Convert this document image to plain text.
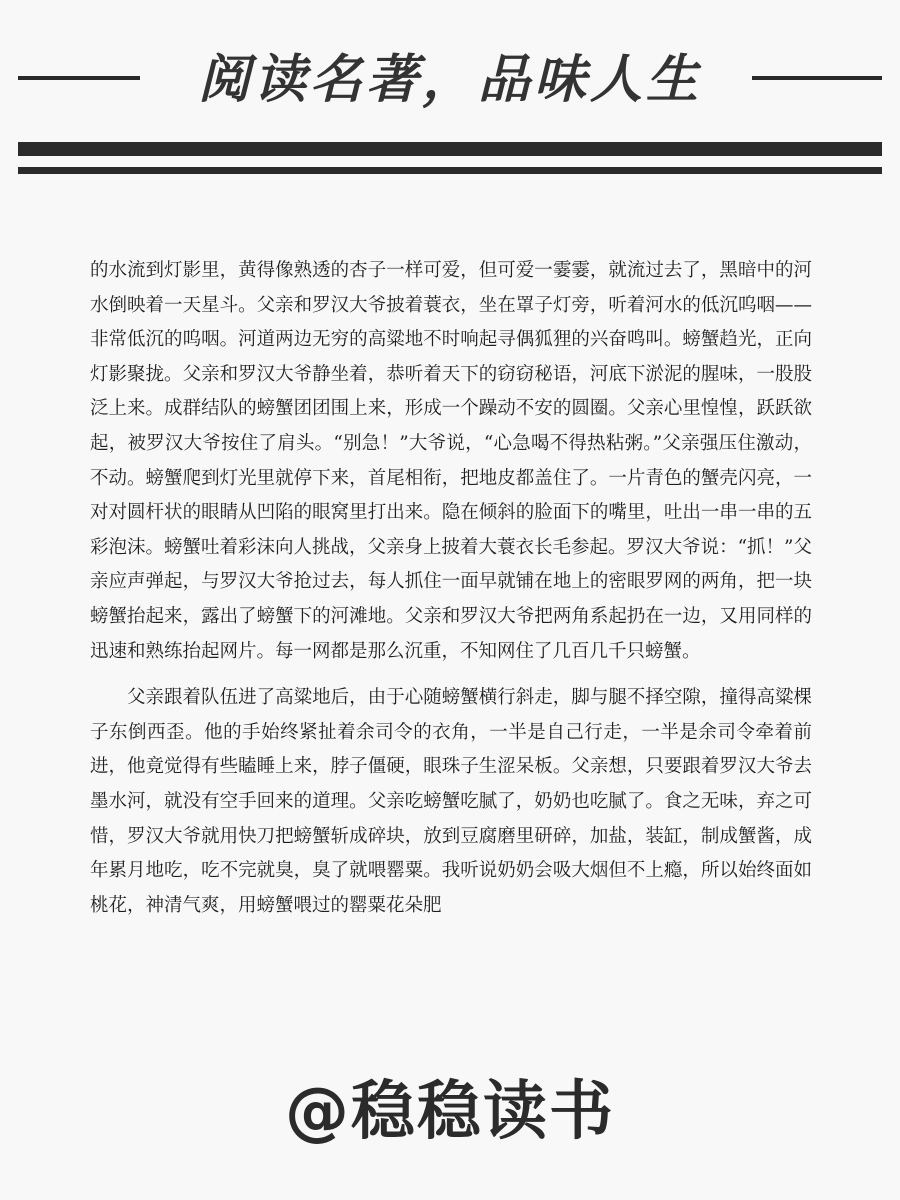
阅读名著，品味人生

的水流到灯影里，黄得像熟透的杏子一样可爱，但可爱一霎霎，就流过去了，黑暗中的河水倒映着一天星斗。父亲和罗汉大爷披着蓑衣，坐在罩子灯旁，听着河水的低沉呜咽——非常低沉的呜咽。河道两边无穷的高粱地不时响起寻偶狐狸的兴奋鸣叫。螃蟹趋光，正向灯影聚拢。父亲和罗汉大爷静坐着，恭听着天下的窃窃秘语，河底下淤泥的腥味，一股股泛上来。成群结队的螃蟹团团围上来，形成一个躁动不安的圆圈。父亲心里惶惶，跃跃欲起，被罗汉大爷按住了肩头。“别急！”大爷说，“心急喝不得热粘粥。”父亲强压住激动，不动。螃蟹爬到灯光里就停下来，首尾相衔，把地皮都盖住了。一片青色的蟹壳闪亮，一对对圆杆状的眼睛从凹陷的眼窝里打出来。隐在倾斜的脸面下的嘴里，吐出一串一串的五彩泡沫。螃蟹吐着彩沫向人挑战，父亲身上披着大蓑衣长毛参起。罗汉大爷说：“抓！”父亲应声弹起，与罗汉大爷抢过去，每人抓住一面早就铺在地上的密眼罗网的两角，把一块螃蟹抬起来，露出了螃蟹下的河滩地。父亲和罗汉大爷把两角系起扔在一边，又用同样的迅速和熟练抬起网片。每一网都是那么沉重，不知网住了几百几千只螃蟹。

父亲跟着队伍进了高粱地后，由于心随螃蟹横行斜走，脚与腿不择空隙，撞得高粱棵子东倒西歪。他的手始终紧扯着余司令的衣角，一半是自己行走，一半是余司令牵着前进，他竟觉得有些瞌睡上来，脖子僵硬，眼珠子生涩呆板。父亲想，只要跟着罗汉大爷去墨水河，就没有空手回来的道理。父亲吃螃蟹吃腻了，奶奶也吃腻了。食之无味，弃之可惜，罗汉大爷就用快刀把螃蟹斩成碎块，放到豆腐磨里研碎，加盐，装缸，制成蟹酱，成年累月地吃，吃不完就臭，臭了就喂罂粟。我听说奶奶会吸大烟但不上瘾，所以始终面如桃花，神清气爽，用螃蟹喂过的罂粟花朵肥

@稳稳读书
